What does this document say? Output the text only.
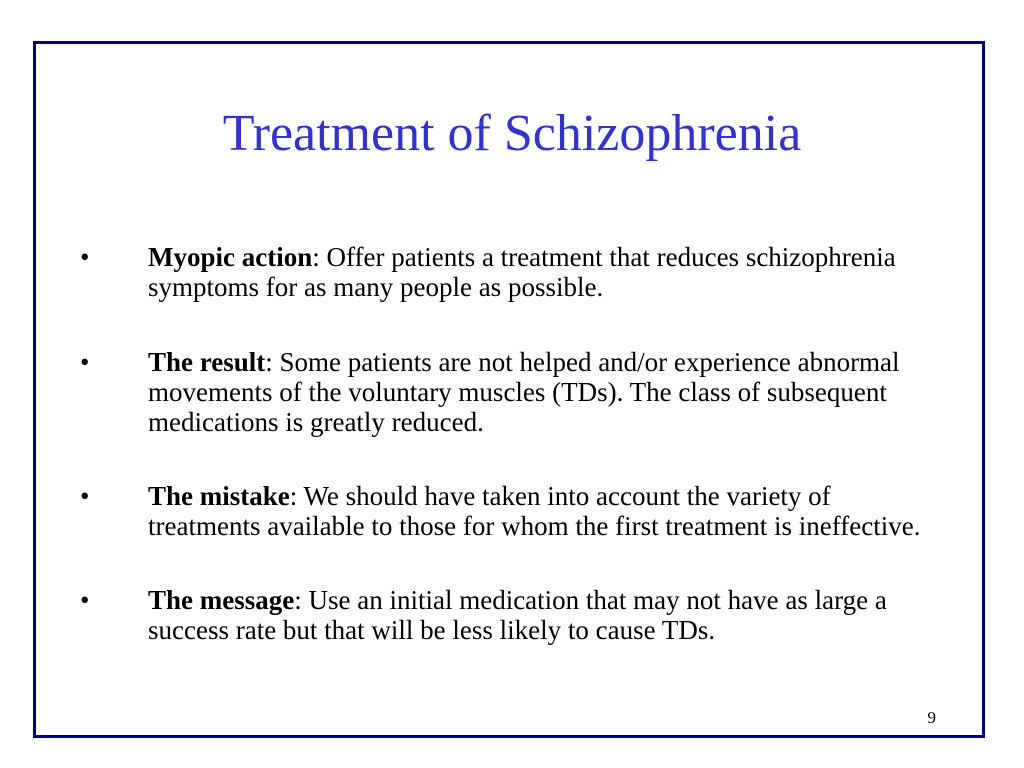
Treatment of Schizophrenia
•	Myopic action: Offer patients a treatment that reduces schizophrenia symptoms for as many people as possible.
•	The result: Some patients are not helped and/or experience abnormal movements of the voluntary muscles (TDs). The class of subsequent medications is greatly reduced.
•	The mistake: We should have taken into account the variety of treatments available to those for whom the first treatment is ineffective.
•	The message: Use an initial medication that may not have as large a success rate but that will be less likely to cause TDs.
9
